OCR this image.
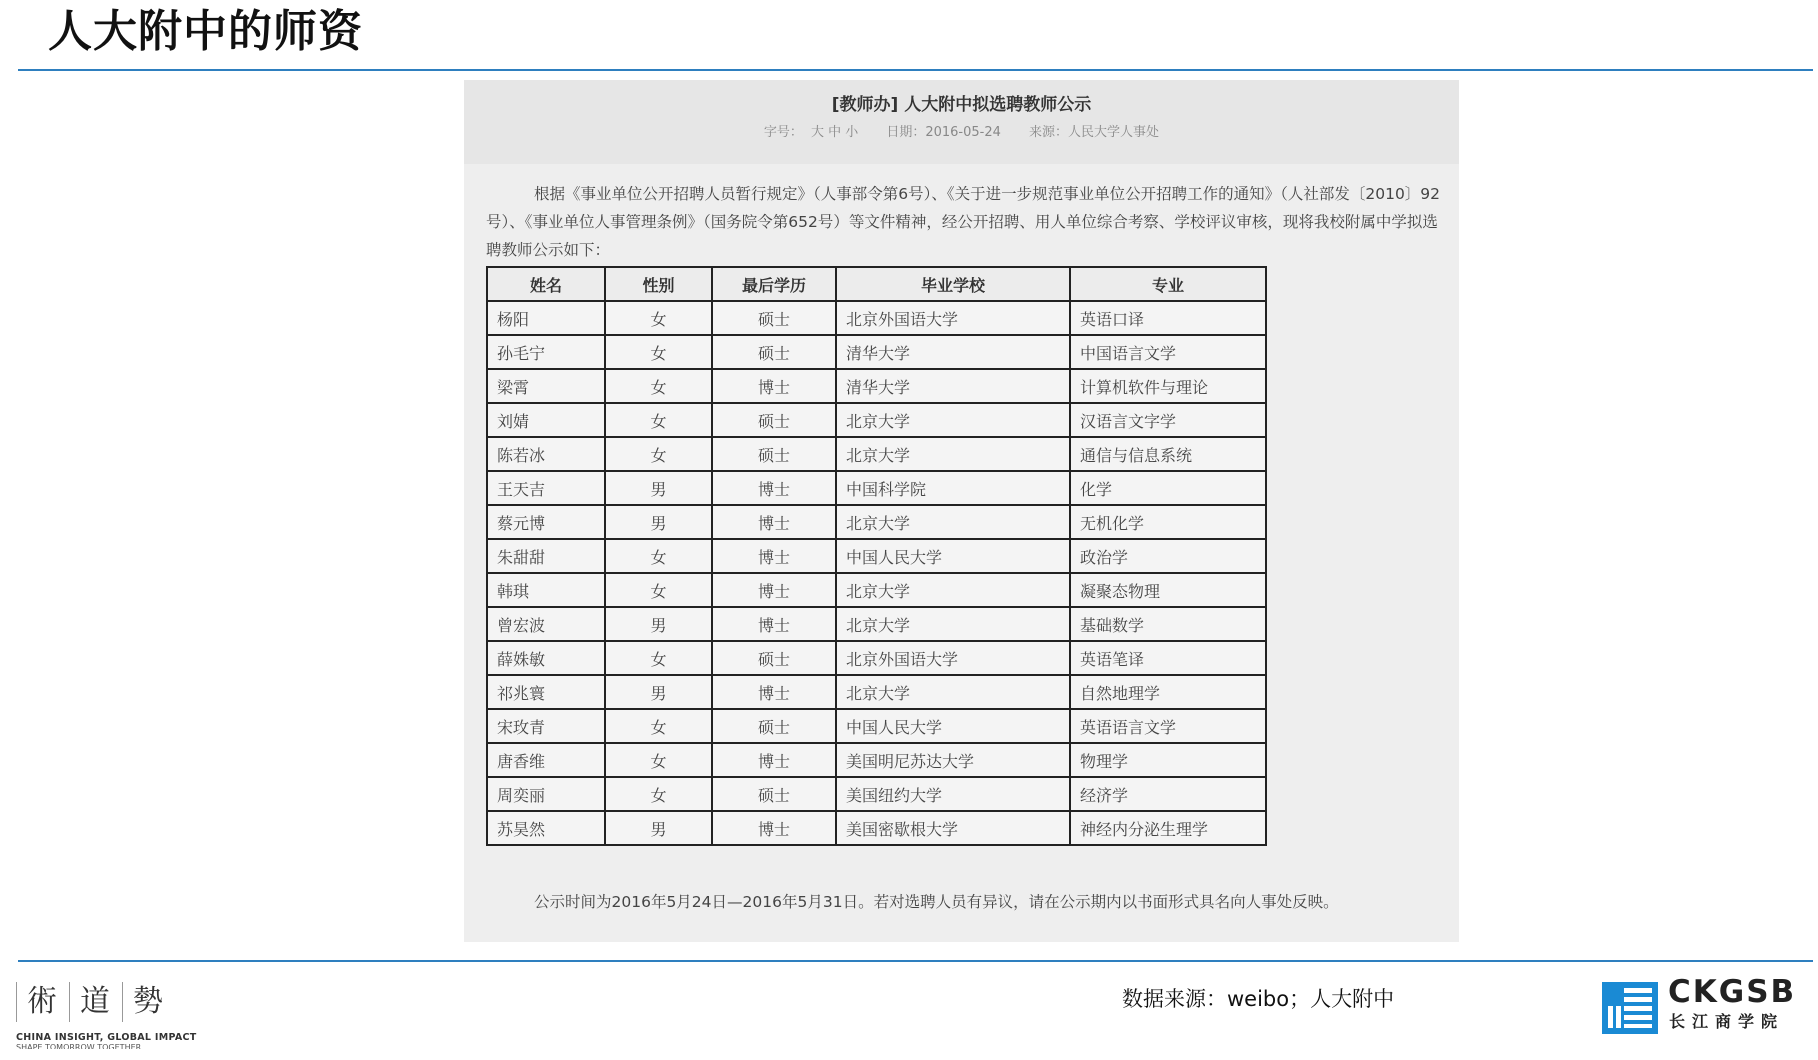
人大附中的师资
[教师办] 人大附中拟选聘教师公示
字号： 大 中 小 日期：2016-05-24 来源：人民大学人事处

根据《事业单位公开招聘人员暂行规定》（人事部令第6号）、《关于进一步规范事业单位公开招聘工作的通知》（人社部发〔2010〕92号）、《事业单位人事管理条例》（国务院令第652号）等文件精神，经公开招聘、用人单位综合考察、学校评议审核，现将我校附属中学拟选聘教师公示如下：

姓名	性别	最后学历	毕业学校	专业
杨阳	女	硕士	北京外国语大学	英语口译
孙毛宁	女	硕士	清华大学	中国语言文学
梁霄	女	博士	清华大学	计算机软件与理论
刘婧	女	硕士	北京大学	汉语言文字学
陈若冰	女	硕士	北京大学	通信与信息系统
王天吉	男	博士	中国科学院	化学
蔡元博	男	博士	北京大学	无机化学
朱甜甜	女	博士	中国人民大学	政治学
韩琪	女	博士	北京大学	凝聚态物理
曾宏波	男	博士	北京大学	基础数学
薛姝敏	女	硕士	北京外国语大学	英语笔译
祁兆寰	男	博士	北京大学	自然地理学
宋玫青	女	硕士	中国人民大学	英语语言文学
唐香维	女	博士	美国明尼苏达大学	物理学
周奕丽	女	硕士	美国纽约大学	经济学
苏昊然	男	博士	美国密歇根大学	神经内分泌生理学
公示时间为2016年5月24日—2016年5月31日。若对选聘人员有异议，请在公示期内以书面形式具名向人事处反映。
術 道 勢
CHINA INSIGHT, GLOBAL IMPACT
SHAPE TOMORROW TOGETHER
数据来源：weibo；人大附中	CKGSB
长江商学院
